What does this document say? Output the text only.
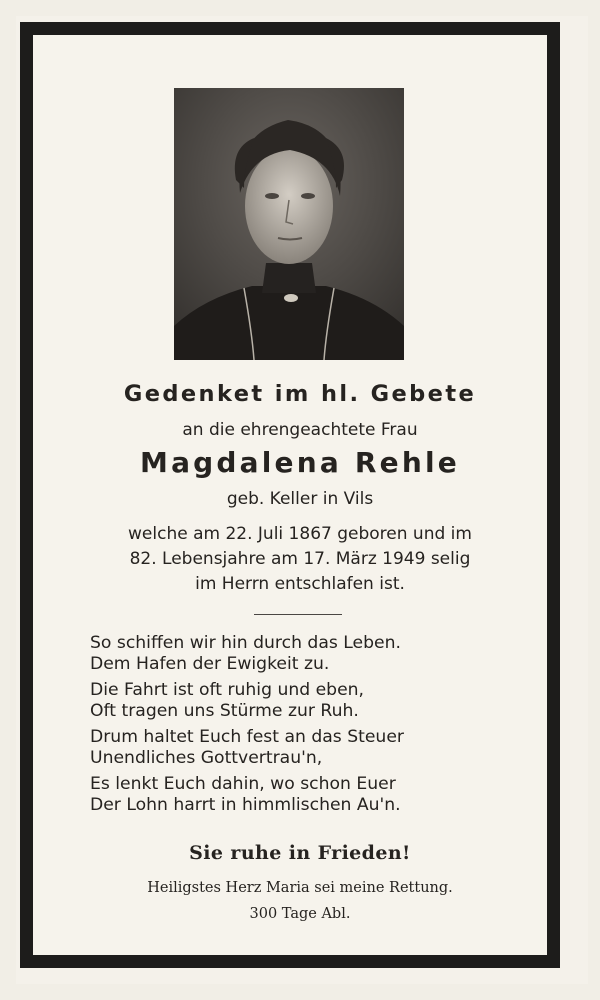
Gedenket im hl. Gebete
an die ehrengeachtete Frau
Magdalena Rehle
geb. Keller in Vils
welche am 22. Juli 1867 geboren und im
82. Lebensjahre am 17. März 1949 selig
im Herrn entschlafen ist.
So schiffen wir hin durch das Leben.
Dem Hafen der Ewigkeit zu.
Die Fahrt ist oft ruhig und eben,
Oft tragen uns Stürme zur Ruh.
Drum haltet Euch fest an das Steuer
Unendliches Gottvertrau'n,
Es lenkt Euch dahin, wo schon Euer
Der Lohn harrt in himmlischen Au'n.
Sie ruhe in Frieden!
Heiligstes Herz Maria sei meine Rettung.
300 Tage Abl.
